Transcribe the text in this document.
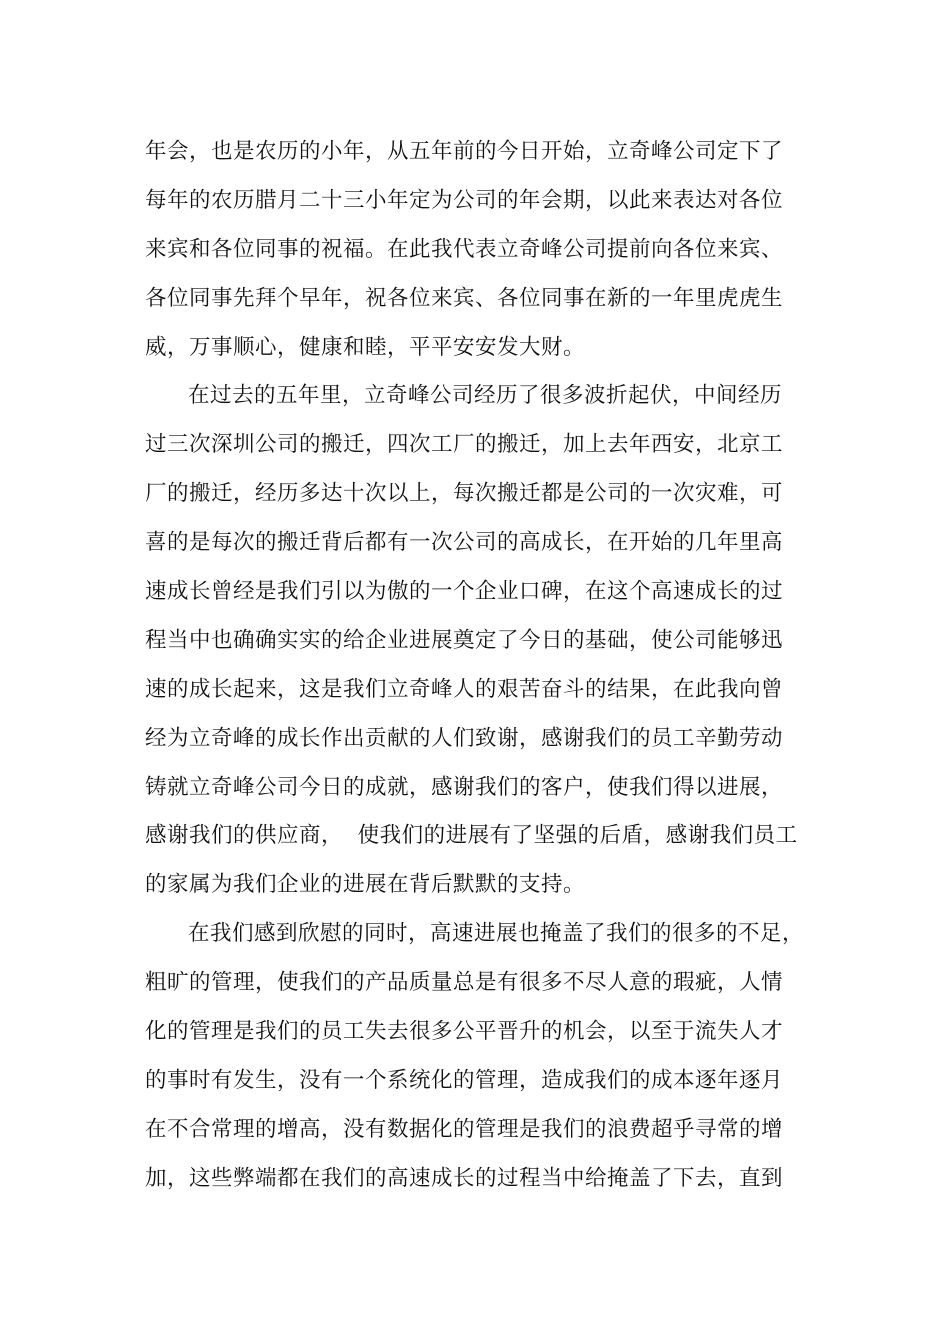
年会，也是农历的小年，从五年前的今日开始，立奇峰公司定下了
每年的农历腊月二十三小年定为公司的年会期，以此来表达对各位
来宾和各位同事的祝福。在此我代表立奇峰公司提前向各位来宾、
各位同事先拜个早年，祝各位来宾、各位同事在新的一年里虎虎生
威，万事顺心，健康和睦，平平安安发大财。
在过去的五年里，立奇峰公司经历了很多波折起伏，中间经历
过三次深圳公司的搬迁，四次工厂的搬迁，加上去年西安，北京工
厂的搬迁，经历多达十次以上，每次搬迁都是公司的一次灾难，可
喜的是每次的搬迁背后都有一次公司的高成长，在开始的几年里高
速成长曾经是我们引以为傲的一个企业口碑，在这个高速成长的过
程当中也确确实实的给企业进展奠定了今日的基础，使公司能够迅
速的成长起来，这是我们立奇峰人的艰苦奋斗的结果，在此我向曾
经为立奇峰的成长作出贡献的人们致谢，感谢我们的员工辛勤劳动
铸就立奇峰公司今日的成就，感谢我们的客户，使我们得以进展，
感谢我们的供应商，  使我们的进展有了坚强的后盾，感谢我们员工
的家属为我们企业的进展在背后默默的支持。
在我们感到欣慰的同时，高速进展也掩盖了我们的很多的不足，
粗旷的管理，使我们的产品质量总是有很多不尽人意的瑕疵，人情
化的管理是我们的员工失去很多公平晋升的机会，以至于流失人才
的事时有发生，没有一个系统化的管理，造成我们的成本逐年逐月
在不合常理的增高，没有数据化的管理是我们的浪费超乎寻常的增
加，这些弊端都在我们的高速成长的过程当中给掩盖了下去，直到
